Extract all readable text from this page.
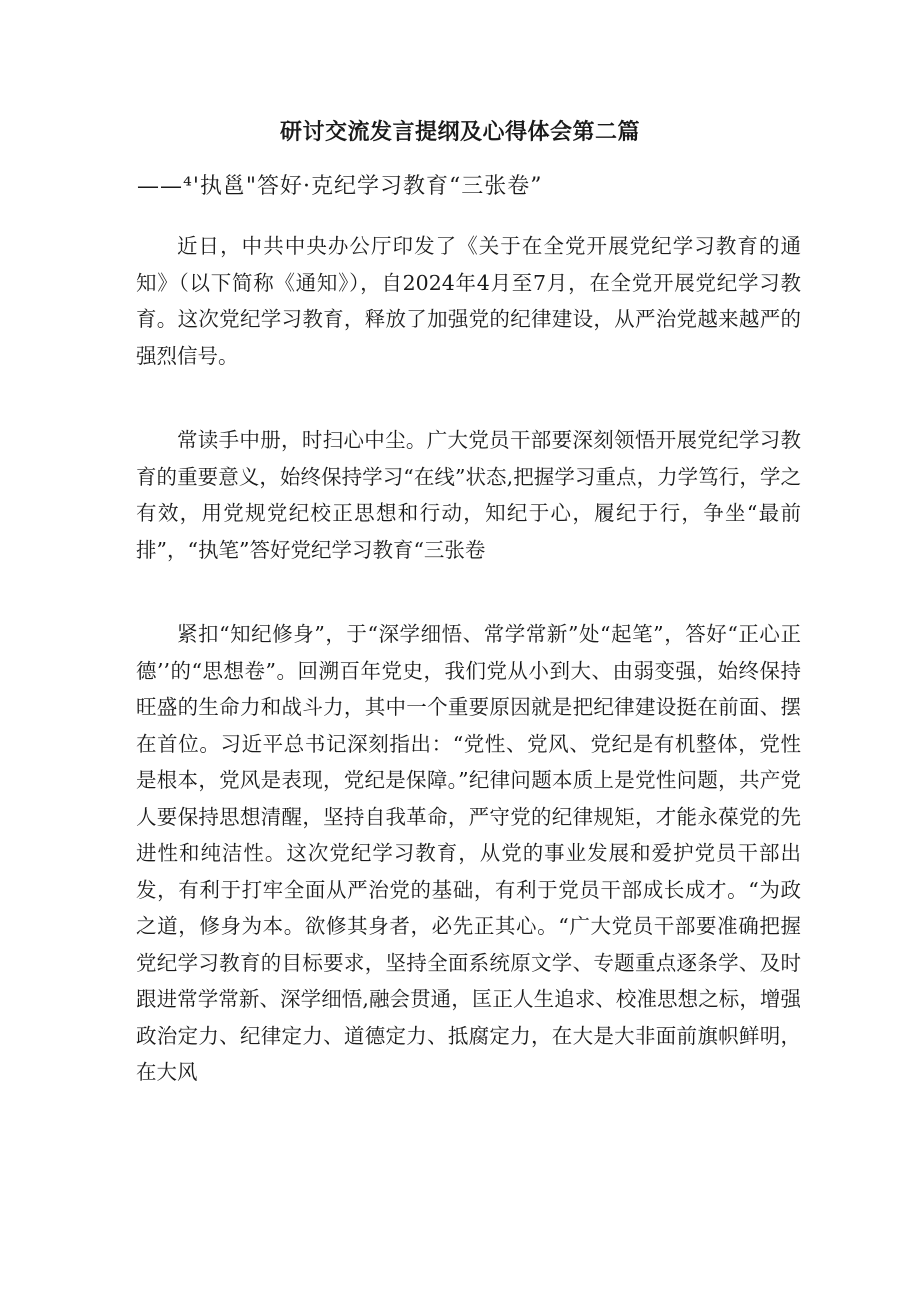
研讨交流发言提纲及心得体会第二篇
——⁴'执邕"答好·克纪学习教育“三张卷”

近日，中共中央办公厅印发了《关于在全党开展党纪学习教育的通知》（以下简称《通知》），自2024年4月至7月，在全党开展党纪学习教育。这次党纪学习教育，释放了加强党的纪律建设，从严治党越来越严的强烈信号。

常读手中册，时扫心中尘。广大党员干部要深刻领悟开展党纪学习教育的重要意义，始终保持学习“在线”状态,把握学习重点，力学笃行，学之有效，用党规党纪校正思想和行动，知纪于心，履纪于行，争坐“最前排”，“执笔”答好党纪学习教育“三张卷

紧扣“知纪修身”，于“深学细悟、常学常新”处“起笔”，答好“正心正德’’的“思想卷”。回溯百年党史，我们党从小到大、由弱变强，始终保持旺盛的生命力和战斗力，其中一个重要原因就是把纪律建设挺在前面、摆在首位。习近平总书记深刻指出：“党性、党风、党纪是有机整体，党性是根本，党风是表现，党纪是保障。”纪律问题本质上是党性问题，共产党人要保持思想清醒，坚持自我革命，严守党的纪律规矩，才能永葆党的先进性和纯洁性。这次党纪学习教育，从党的事业发展和爱护党员干部出发，有利于打牢全面从严治党的基础，有利于党员干部成长成才。“为政之道，修身为本。欲修其身者，必先正其心。“广大党员干部要准确把握党纪学习教育的目标要求，坚持全面系统原文学、专题重点逐条学、及时跟进常学常新、深学细悟,融会贯通，匡正人生追求、校准思想之标，增强政治定力、纪律定力、道德定力、抵腐定力，在大是大非面前旗帜鲜明，在大风
